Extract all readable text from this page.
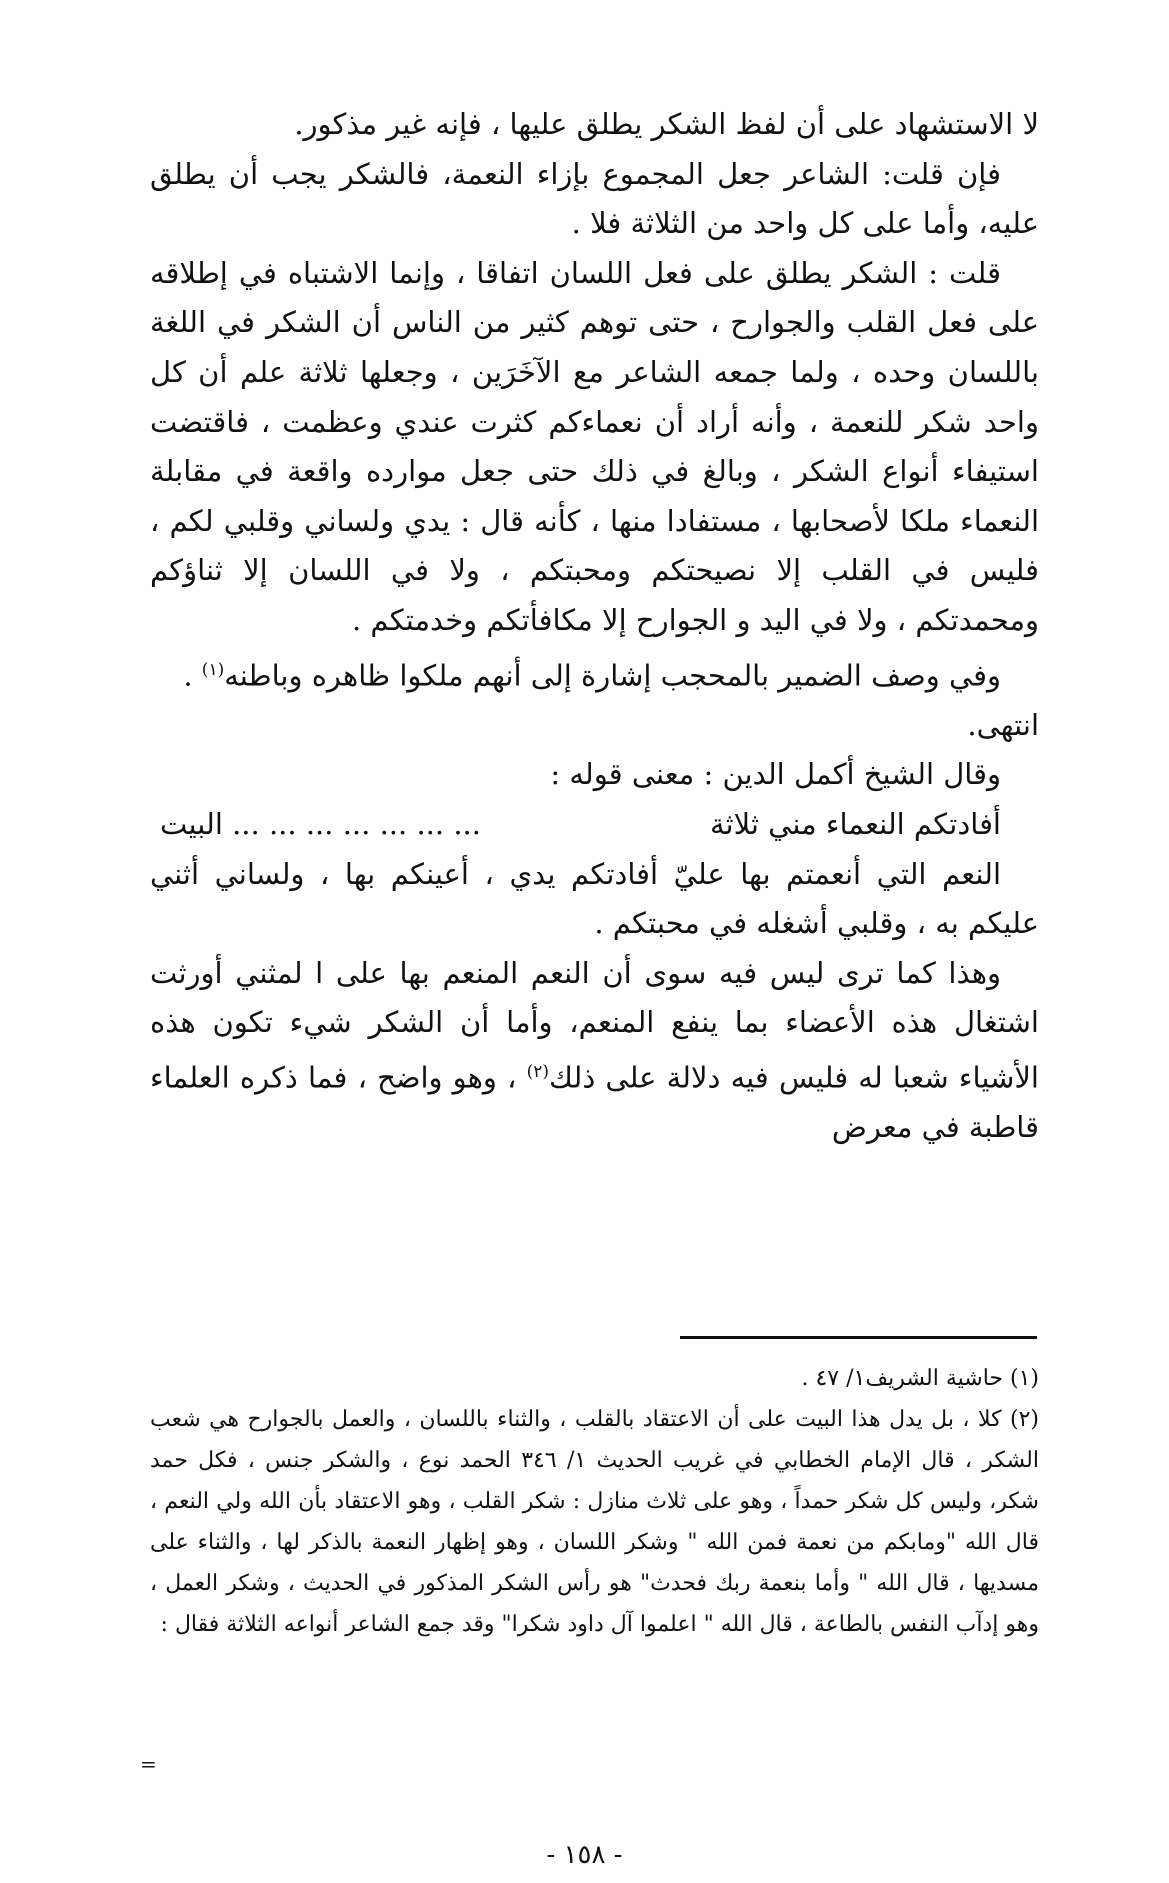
لا الاستشهاد على أن لفظ الشكر يطلق عليها ، فإنه غير مذكور.

فإن قلت: الشاعر جعل المجموع بإزاء النعمة، فالشكر يجب أن يطلق عليه، وأما على كل واحد من الثلاثة فلا .

قلت : الشكر يطلق على فعل اللسان اتفاقا ، وإنما الاشتباه في إطلاقه على فعل القلب والجوارح ، حتى توهم كثير من الناس أن الشكر في اللغة باللسان وحده ، ولما جمعه الشاعر مع الآخَرَين ، وجعلها ثلاثة علم أن كل واحد شكر للنعمة ، وأنه أراد أن نعماءكم كثرت عندي وعظمت ، فاقتضت استيفاء أنواع الشكر ، وبالغ في ذلك حتى جعل موارده واقعة في مقابلة النعماء ملكا لأصحابها ، مستفادا منها ، كأنه قال : يدي ولساني وقلبي لكم ، فليس في القلب إلا نصيحتكم ومحبتكم ، ولا في اللسان إلا ثناؤكم ومحمدتكم ، ولا في اليد و الجوارح إلا مكافأتكم وخدمتكم .

وفي وصف الضمير بالمحجب إشارة إلى أنهم ملكوا ظاهره وباطنه$^{(١)}$ .

انتهى.

وقال الشيخ أكمل الدين : معنى قوله :

أفادتكم النعماء مني ثلاثة
... ... ... ... ... ... ... البيت

النعم التي أنعمتم بها عليّ أفادتكم يدي ، أعينكم بها ، ولساني أثني عليكم به ، وقلبي أشغله في محبتكم .

وهذا كما ترى ليس فيه سوى أن النعم المنعم بها على ا لمثني أورثت اشتغال هذه الأعضاء بما ينفع المنعم، وأما أن الشكر شيء تكون هذه الأشياء شعبا له فليس فيه دلالة على ذلك$^{(٢)}$ ، وهو واضح ، فما ذكره العلماء قاطبة في معرض

(١) حاشية الشريف١/ ٤٧ .

(٢) كلا ، بل يدل هذا البيت على أن الاعتقاد بالقلب ، والثناء باللسان ، والعمل بالجوارح هي شعب الشكر ، قال الإمام الخطابي في غريب الحديث ١/ ٣٤٦ الحمد نوع ، والشكر جنس ، فكل حمد شكر، وليس كل شكر حمداً ، وهو على ثلاث منازل : شكر القلب ، وهو الاعتقاد بأن الله ولي النعم ، قال الله "ومابكم من نعمة فمن الله " وشكر اللسان ، وهو إظهار النعمة بالذكر لها ، والثناء على مسديها ، قال الله " وأما بنعمة ربك فحدث" هو رأس الشكر المذكور في الحديث ، وشكر العمل ، وهو إدآب النفس بالطاعة ، قال الله " اعلموا آل داود شكرا" وقد جمع الشاعر أنواعه الثلاثة فقال :

=
- ١٥٨ -
